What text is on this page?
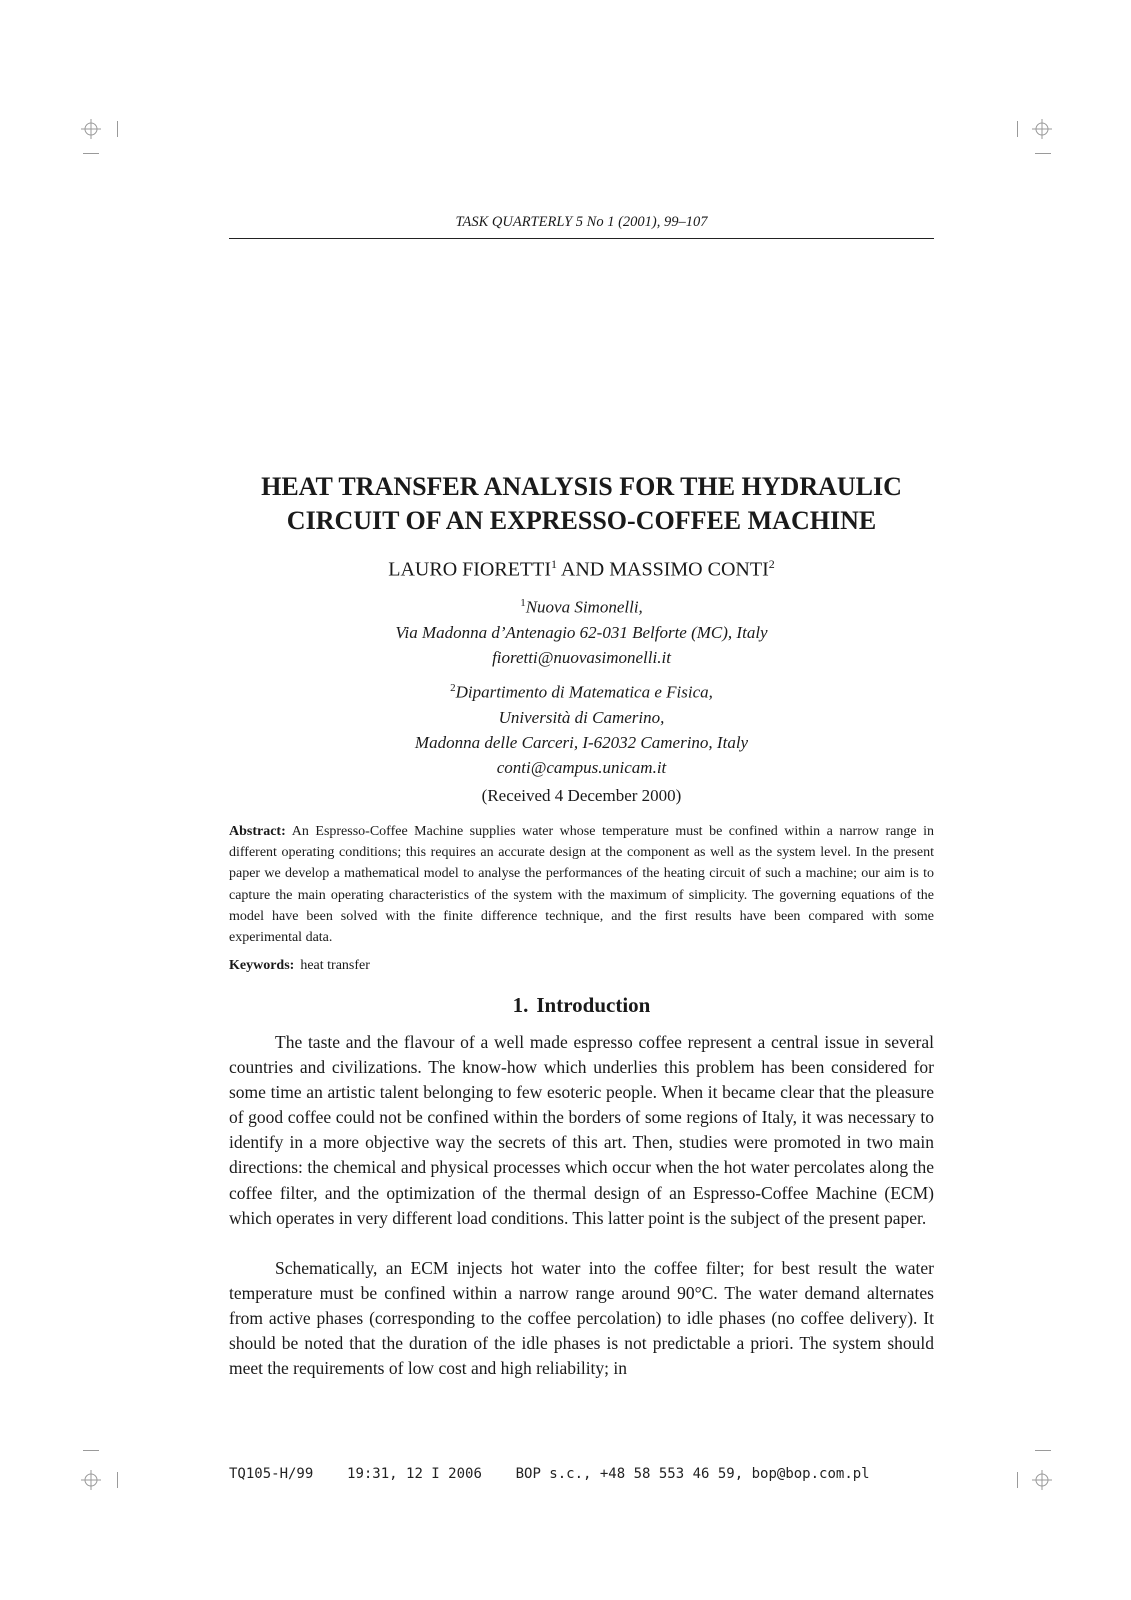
TASK QUARTERLY 5 No 1 (2001), 99–107
HEAT TRANSFER ANALYSIS FOR THE HYDRAULIC
CIRCUIT OF AN EXPRESSO-COFFEE MACHINE
LAURO FIORETTI$^1$ AND MASSIMO CONTI$^2$
$^1$Nuova Simonelli,
Via Madonna d’Antenagio 62-031 Belforte (MC), Italy
fioretti@nuovasimonelli.it
$^2$Dipartimento di Matematica e Fisica,
Università di Camerino,
Madonna delle Carceri, I-62032 Camerino, Italy
conti@campus.unicam.it
(Received 4 December 2000)
Abstract: An Espresso-Coffee Machine supplies water whose temperature must be confined within a narrow range in different operating conditions; this requires an accurate design at the component as well as the system level. In the present paper we develop a mathematical model to analyse the performances of the heating circuit of such a machine; our aim is to capture the main operating characteristics of the system with the maximum of simplicity. The governing equations of the model have been solved with the finite difference technique, and the first results have been compared with some experimental data.
Keywords: heat transfer
1. Introduction

The taste and the flavour of a well made espresso coffee represent a central issue in several countries and civilizations. The know-how which underlies this problem has been considered for some time an artistic talent belonging to few esoteric people. When it became clear that the pleasure of good coffee could not be confined within the borders of some regions of Italy, it was necessary to identify in a more objective way the secrets of this art. Then, studies were promoted in two main directions: the chemical and physical processes which occur when the hot water percolates along the coffee filter, and the optimization of the thermal design of an Espresso-Coffee Machine (ECM) which operates in very different load conditions. This latter point is the subject of the present paper.

Schematically, an ECM injects hot water into the coffee filter; for best result the water temperature must be confined within a narrow range around 90°C. The water demand alternates from active phases (corresponding to the coffee percolation) to idle phases (no coffee delivery). It should be noted that the duration of the idle phases is not predictable a priori. The system should meet the requirements of low cost and high reliability; in

TQ105-H/99 19:31, 12 I 2006 BOP s.c., +48 58 553 46 59, bop@bop.com.pl
